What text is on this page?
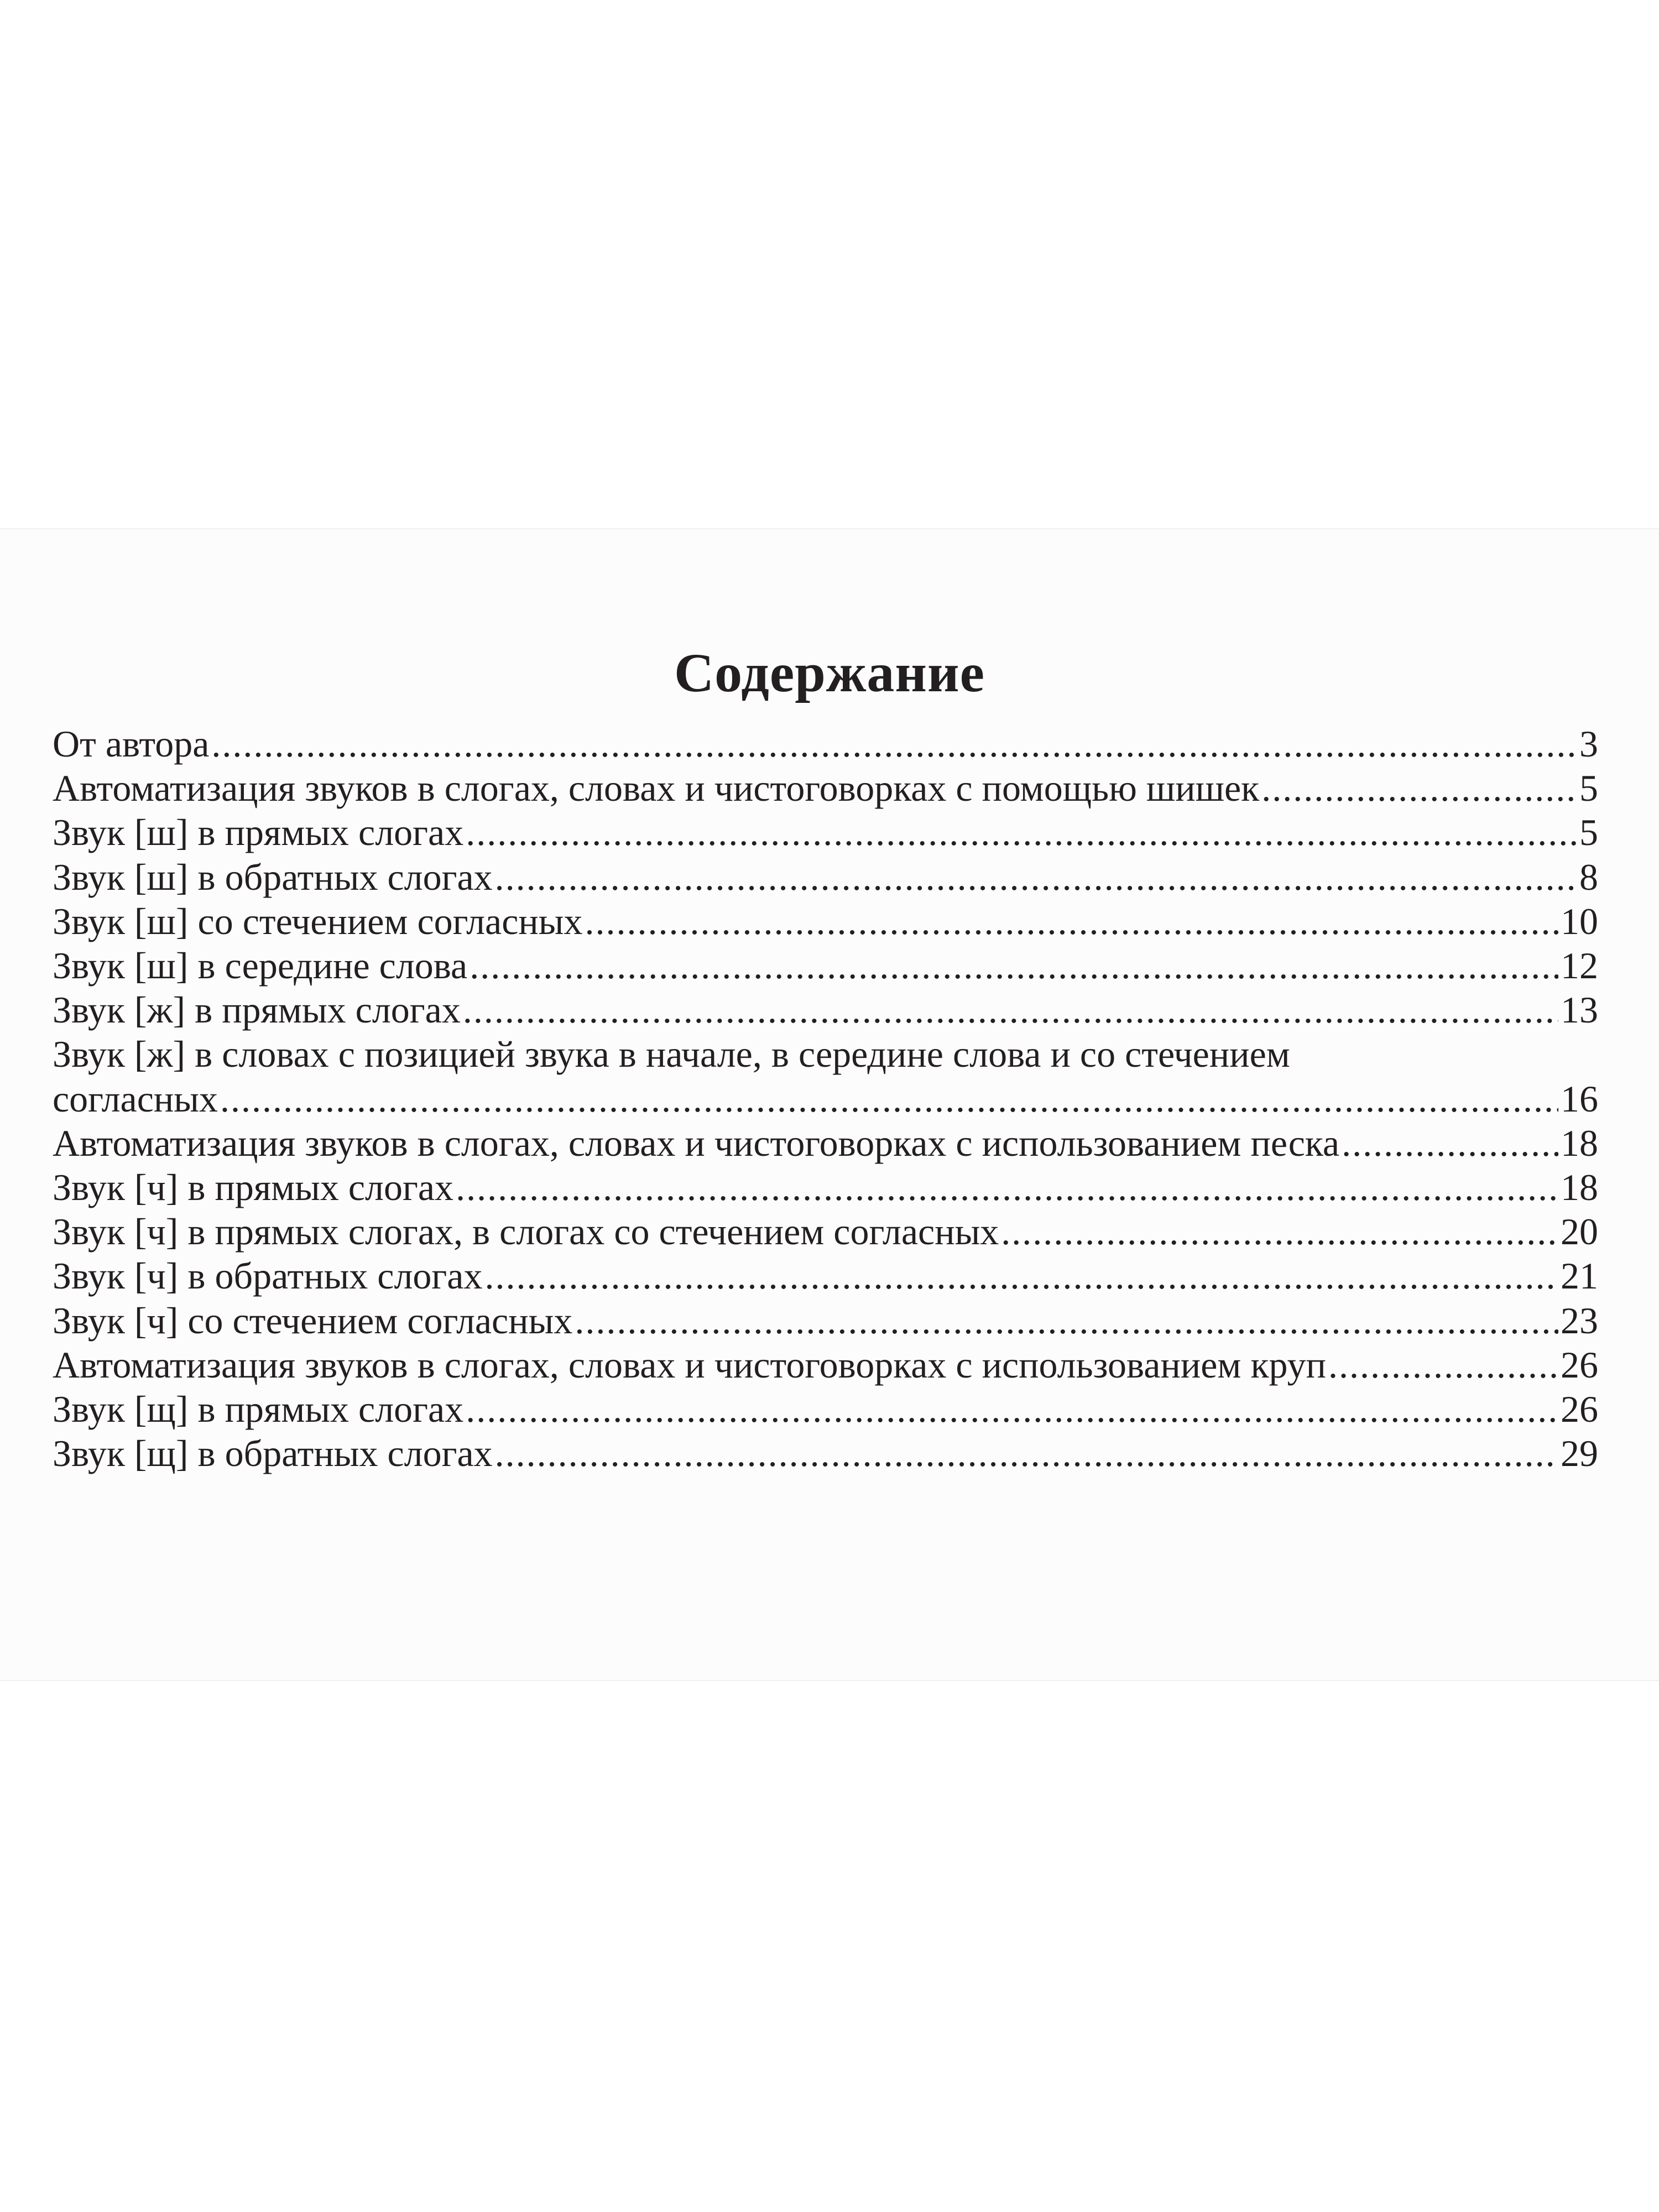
Содержание
От автора .....	3
Автоматизация звуков в слогах, словах и чистоговорках с помощью шишек .....	5
Звук [ш] в прямых слогах .....	5
Звук [ш] в обратных слогах .....	8
Звук [ш] со стечением согласных .....	10
Звук [ш] в середине слова .....	12
Звук [ж] в прямых слогах .....	13
Звук [ж] в словах с позицией звука в начале, в середине слова и со стечением
согласных .....	16
Автоматизация звуков в слогах, словах и чистоговорках с использованием песка .....	18
Звук [ч] в прямых слогах .....	18
Звук [ч] в прямых слогах, в слогах со стечением согласных .....	20
Звук [ч] в обратных слогах .....	21
Звук [ч] со стечением согласных .....	23
Автоматизация звуков в слогах, словах и чистоговорках с использованием круп .....	26
Звук [щ] в прямых слогах .....	26
Звук [щ] в обратных слогах .....	29
